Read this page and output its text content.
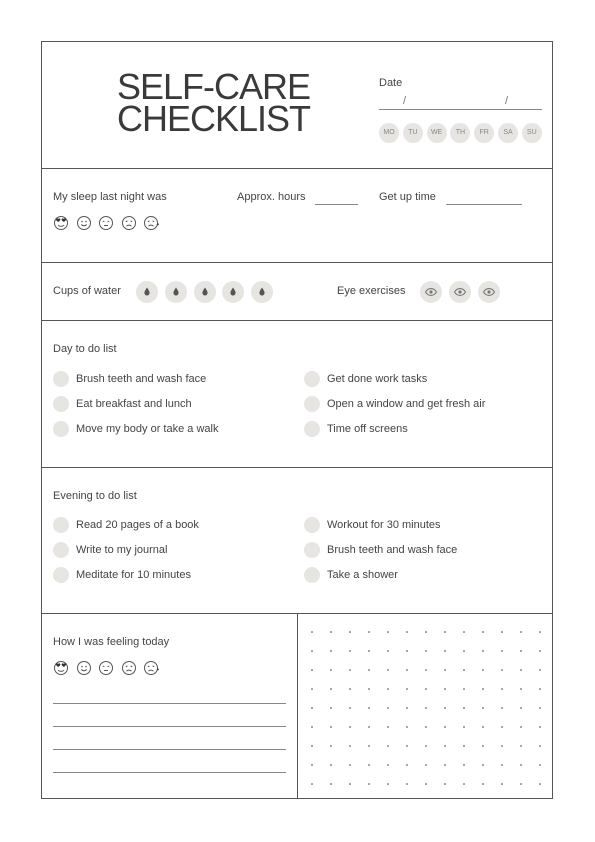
SELF-CARE
CHECKLIST
Date
/	/
MO	TU	WE	TH	FR	SA	SU
My sleep last night was	Approx. hours	Get up time
Cups of water	Eye exercises
Day to do list
Brush teeth and wash face
Eat breakfast and lunch
Move my body or take a walk
Get done work tasks
Open a window and get fresh air
Time off screens
Evening to do list
Read 20 pages of a book
Write to my journal
Meditate for 10 minutes
Workout for 30 minutes
Brush teeth and wash face
Take a shower
How I was feeling today
